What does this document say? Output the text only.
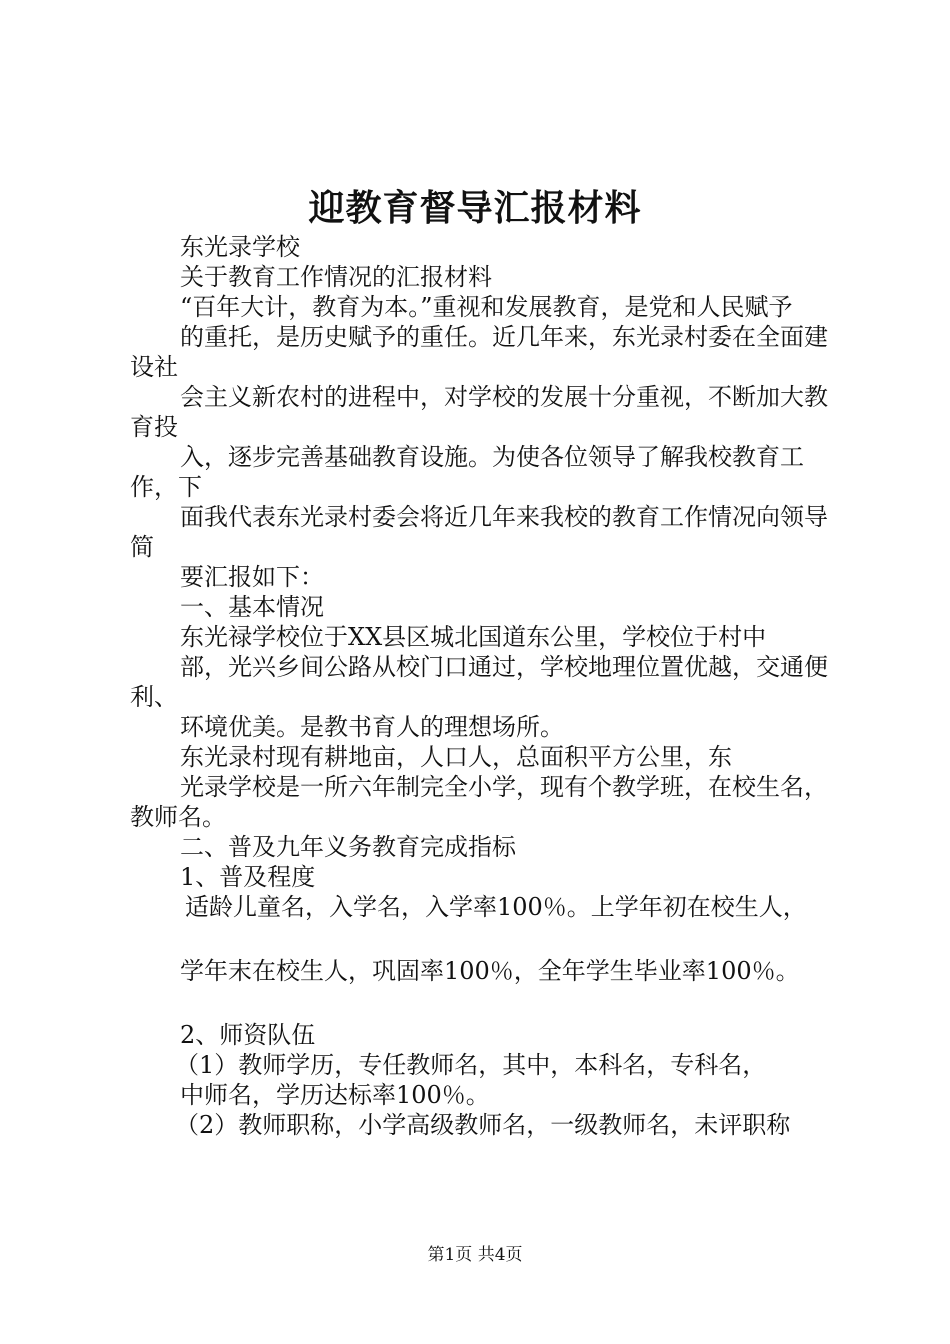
迎教育督导汇报材料

东光录学校

关于教育工作情况的汇报材料

“百年大计，教育为本。”重视和发展教育，是党和人民赋予

的重托，是历史赋予的重任。近几年来，东光录村委在全面建设社

会主义新农村的进程中，对学校的发展十分重视，不断加大教育投

入，逐步完善基础教育设施。为使各位领导了解我校教育工作，下

面我代表东光录村委会将近几年来我校的教育工作情况向领导简

要汇报如下：

一、基本情况

东光禄学校位于XX县区城北国道东公里，学校位于村中

部，光兴乡间公路从校门口通过，学校地理位置优越，交通便利、

环境优美。是教书育人的理想场所。

东光录村现有耕地亩，人口人，总面积平方公里，东

光录学校是一所六年制完全小学，现有个教学班，在校生名，教师名。

二、普及九年义务教育完成指标

1、普及程度

适龄儿童名，入学名，入学率100％。上学年初在校生人，

学年末在校生人，巩固率100％，全年学生毕业率100％。

2、师资队伍

（1）教师学历，专任教师名，其中，本科名，专科名，

中师名，学历达标率100％。

（2）教师职称，小学高级教师名，一级教师名，未评职称

第1页 共4页
